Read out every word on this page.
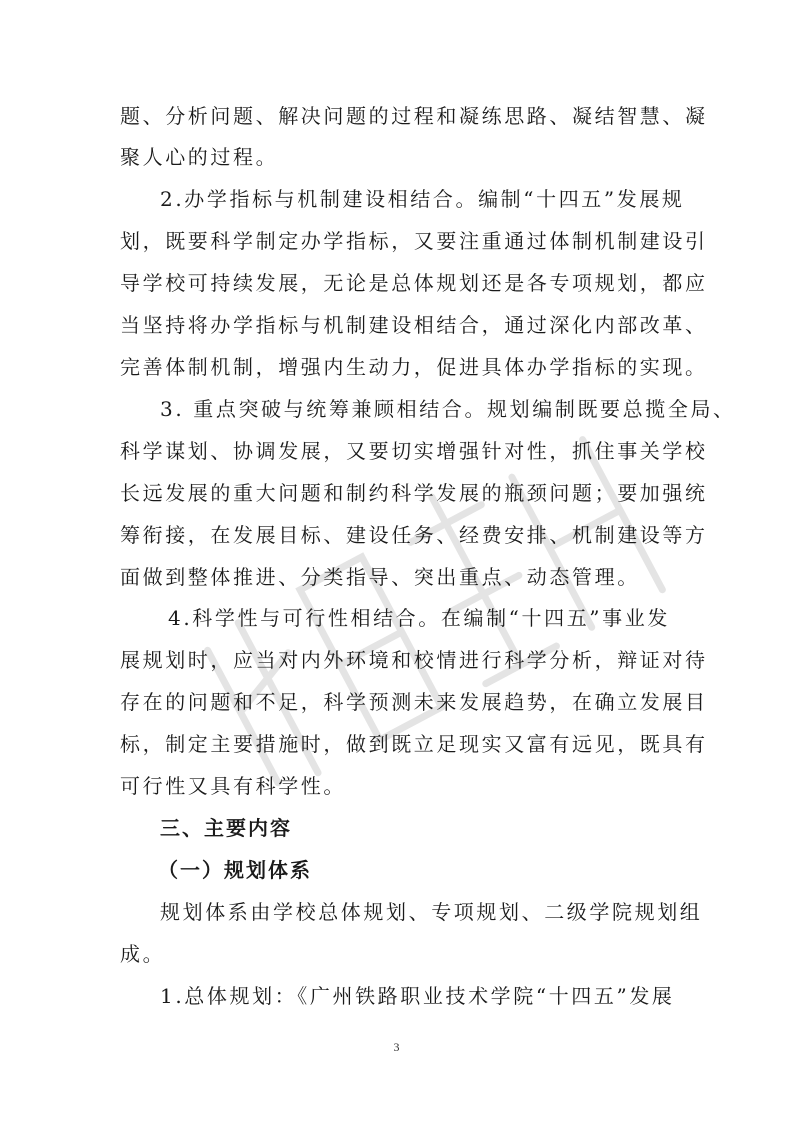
题、分析问题、解决问题的过程和凝练思路、凝结智慧、凝
聚人心的过程。
2.办学指标与机制建设相结合。编制“十四五”发展规
划，既要科学制定办学指标，又要注重通过体制机制建设引
导学校可持续发展，无论是总体规划还是各专项规划，都应
当坚持将办学指标与机制建设相结合，通过深化内部改革、
完善体制机制，增强内生动力，促进具体办学指标的实现。
3. 重点突破与统筹兼顾相结合。规划编制既要总揽全局、
科学谋划、协调发展，又要切实增强针对性，抓住事关学校
长远发展的重大问题和制约科学发展的瓶颈问题；要加强统
筹衔接，在发展目标、建设任务、经费安排、机制建设等方
面做到整体推进、分类指导、突出重点、动态管理。
4.科学性与可行性相结合。在编制“十四五”事业发
展规划时，应当对内外环境和校情进行科学分析，辩证对待
存在的问题和不足，科学预测未来发展趋势，在确立发展目
标，制定主要措施时，做到既立足现实又富有远见，既具有
可行性又具有科学性。
三、主要内容
（一）规划体系
规划体系由学校总体规划、专项规划、二级学院规划组
成。
1.总体规划：《广州铁路职业技术学院“十四五”发展
3
